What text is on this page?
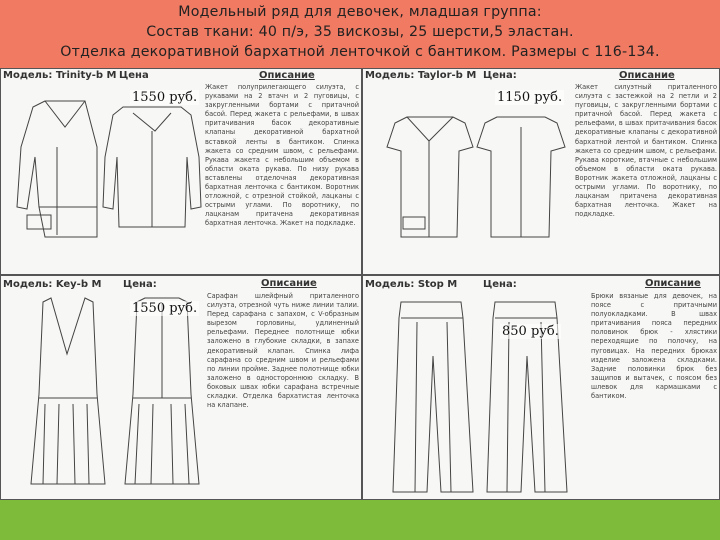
Модельный ряд для девочек, младшая группа:
Состав ткани: 40 п/э, 35 вискозы, 25 шерсти,5 эластан.
Отделка декоративной бархатной ленточкой с бантиком. Размеры с 116-134.
Модель: Trinity-b M Цена	Описание
Жакет полуприлегающего силуэта, с рукавами на 2 втачн и 2 пуговицы, с закругленными бортами с притачной басой. Перед жакета с рельефами, в швах притачивания басок декоративные клапаны декоративной бархатной вставкой ленты в бантиком. Спинка жакета со средним швом, с рельефами. Рукава жакета с небольшим объемом в области оката рукава. По низу рукава вставлены отделочная декоративная бархатная ленточка с бантиком. Воротник отложной, с отрезной стойкой, лацканы с острыми углами. По воротнику, по лацканам притачена декоративная бархатная ленточка. Жакет на подкладке.
Модель: Taylor-b M Цена:	Описание
Жакет силуэтный приталенного силуэта с застежкой на 2 петли и 2 пуговицы, с закругленными бортами с притачной басой. Перед жакета с рельефами, в швах притачивания басок декоративные клапаны с декоративной бархатной лентой и бантиком. Спинка жакета со средним швом, с рельефами. Рукава короткие, втачные с небольшим объемом в области оката рукава. Воротник жакета отложной, лацканы с острыми углами. По воротнику, по лацканам притачена декоративная бархатная ленточка. Жакет на подкладке.
Модель: Key-b M Цена:	Описание
Сарафан шлейфный приталенного силуэта, отрезной чуть ниже линии талии. Перед сарафана с запахом, с V-образным вырезом горловины, удлиненный рельефами. Переднее полотнище юбки заложено в глубокие складки, в запахе декоративный клапан. Спинка лифа сарафана со средним швом и рельефами по линии пройме. Заднее полотнище юбки заложено в одностороннюю складку. В боковых швах юбки сарафана встречные складки. Отделка бархатистая ленточка на клапане.
Модель: Stop M	Цена:	Описание
Брюки вязаные для девочек, на поясе с притачными полуокладками. В швах притачивания пояса передних половинок брюк - хлястики переходящие по полочку, на пуговицах. На передних брюках изделие заложена складками. Задние половинки брюк без защипов и вытачек, с поясом без шлевок для кармашками с бантиком.
1550 руб.	1150 руб.
1550 руб.
850 руб.
